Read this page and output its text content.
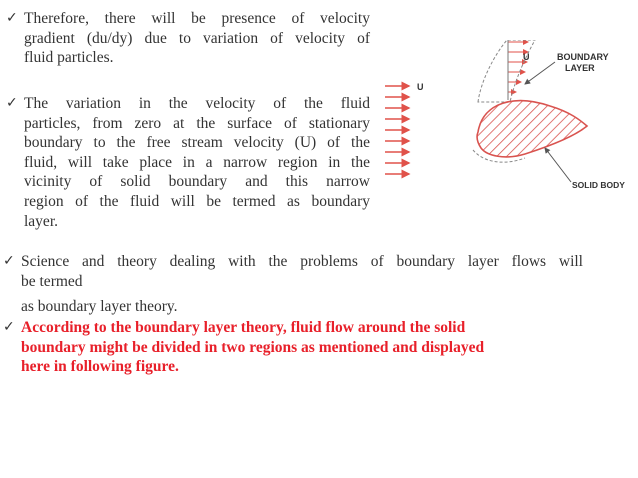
✓ Therefore, there will be presence of velocity
gradient (du/dy) due to variation of velocity of
fluid particles.
✓ The variation in the velocity of the fluid
particles, from zero at the surface of stationary
boundary to the free stream velocity (U) of the
fluid, will take place in a narrow region in the
vicinity of solid boundary and this narrow
region of the fluid will be termed as boundary
layer.
✓ Science and theory dealing with the problems of boundary layer flows will
be termed
as boundary layer theory.
✓ According to the boundary layer theory, fluid flow around the solid
boundary might be divided in two regions as mentioned and displayed
here in following figure.
U
U	BOUNDARY
LAYER
SOLID BODY
